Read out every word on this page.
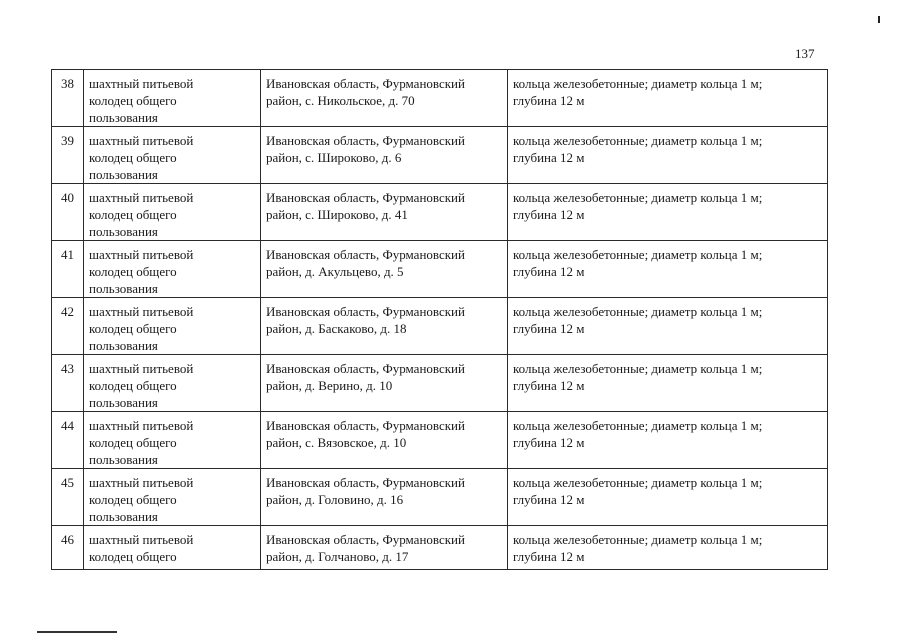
137
38	шахтный питьевой
колодец общего
пользования	Ивановская область, Фурмановский
район, с. Никольское, д. 70	кольца железобетонные; диаметр кольца 1 м;
глубина 12 м

39	шахтный питьевой
колодец общего
пользования	Ивановская область, Фурмановский
район, с. Широково, д. 6	кольца железобетонные; диаметр кольца 1 м;
глубина 12 м

40	шахтный питьевой
колодец общего
пользования	Ивановская область, Фурмановский
район, с. Широково, д. 41	кольца железобетонные; диаметр кольца 1 м;
глубина 12 м

41	шахтный питьевой
колодец общего
пользования	Ивановская область, Фурмановский
район, д. Акульцево, д. 5	кольца железобетонные; диаметр кольца 1 м;
глубина 12 м

42	шахтный питьевой
колодец общего
пользования	Ивановская область, Фурмановский
район, д. Баскаково, д. 18	кольца железобетонные; диаметр кольца 1 м;
глубина 12 м

43	шахтный питьевой
колодец общего
пользования	Ивановская область, Фурмановский
район, д. Верино, д. 10	кольца железобетонные; диаметр кольца 1 м;
глубина 12 м

44	шахтный питьевой
колодец общего
пользования	Ивановская область, Фурмановский
район, с. Вязовское, д. 10	кольца железобетонные; диаметр кольца 1 м;
глубина 12 м

45	шахтный питьевой
колодец общего
пользования	Ивановская область, Фурмановский
район, д. Головино, д. 16	кольца железобетонные; диаметр кольца 1 м;
глубина 12 м

46	шахтный питьевой
колодец общего	Ивановская область, Фурмановский
район, д. Голчаново, д. 17	кольца железобетонные; диаметр кольца 1 м;
глубина 12 м
